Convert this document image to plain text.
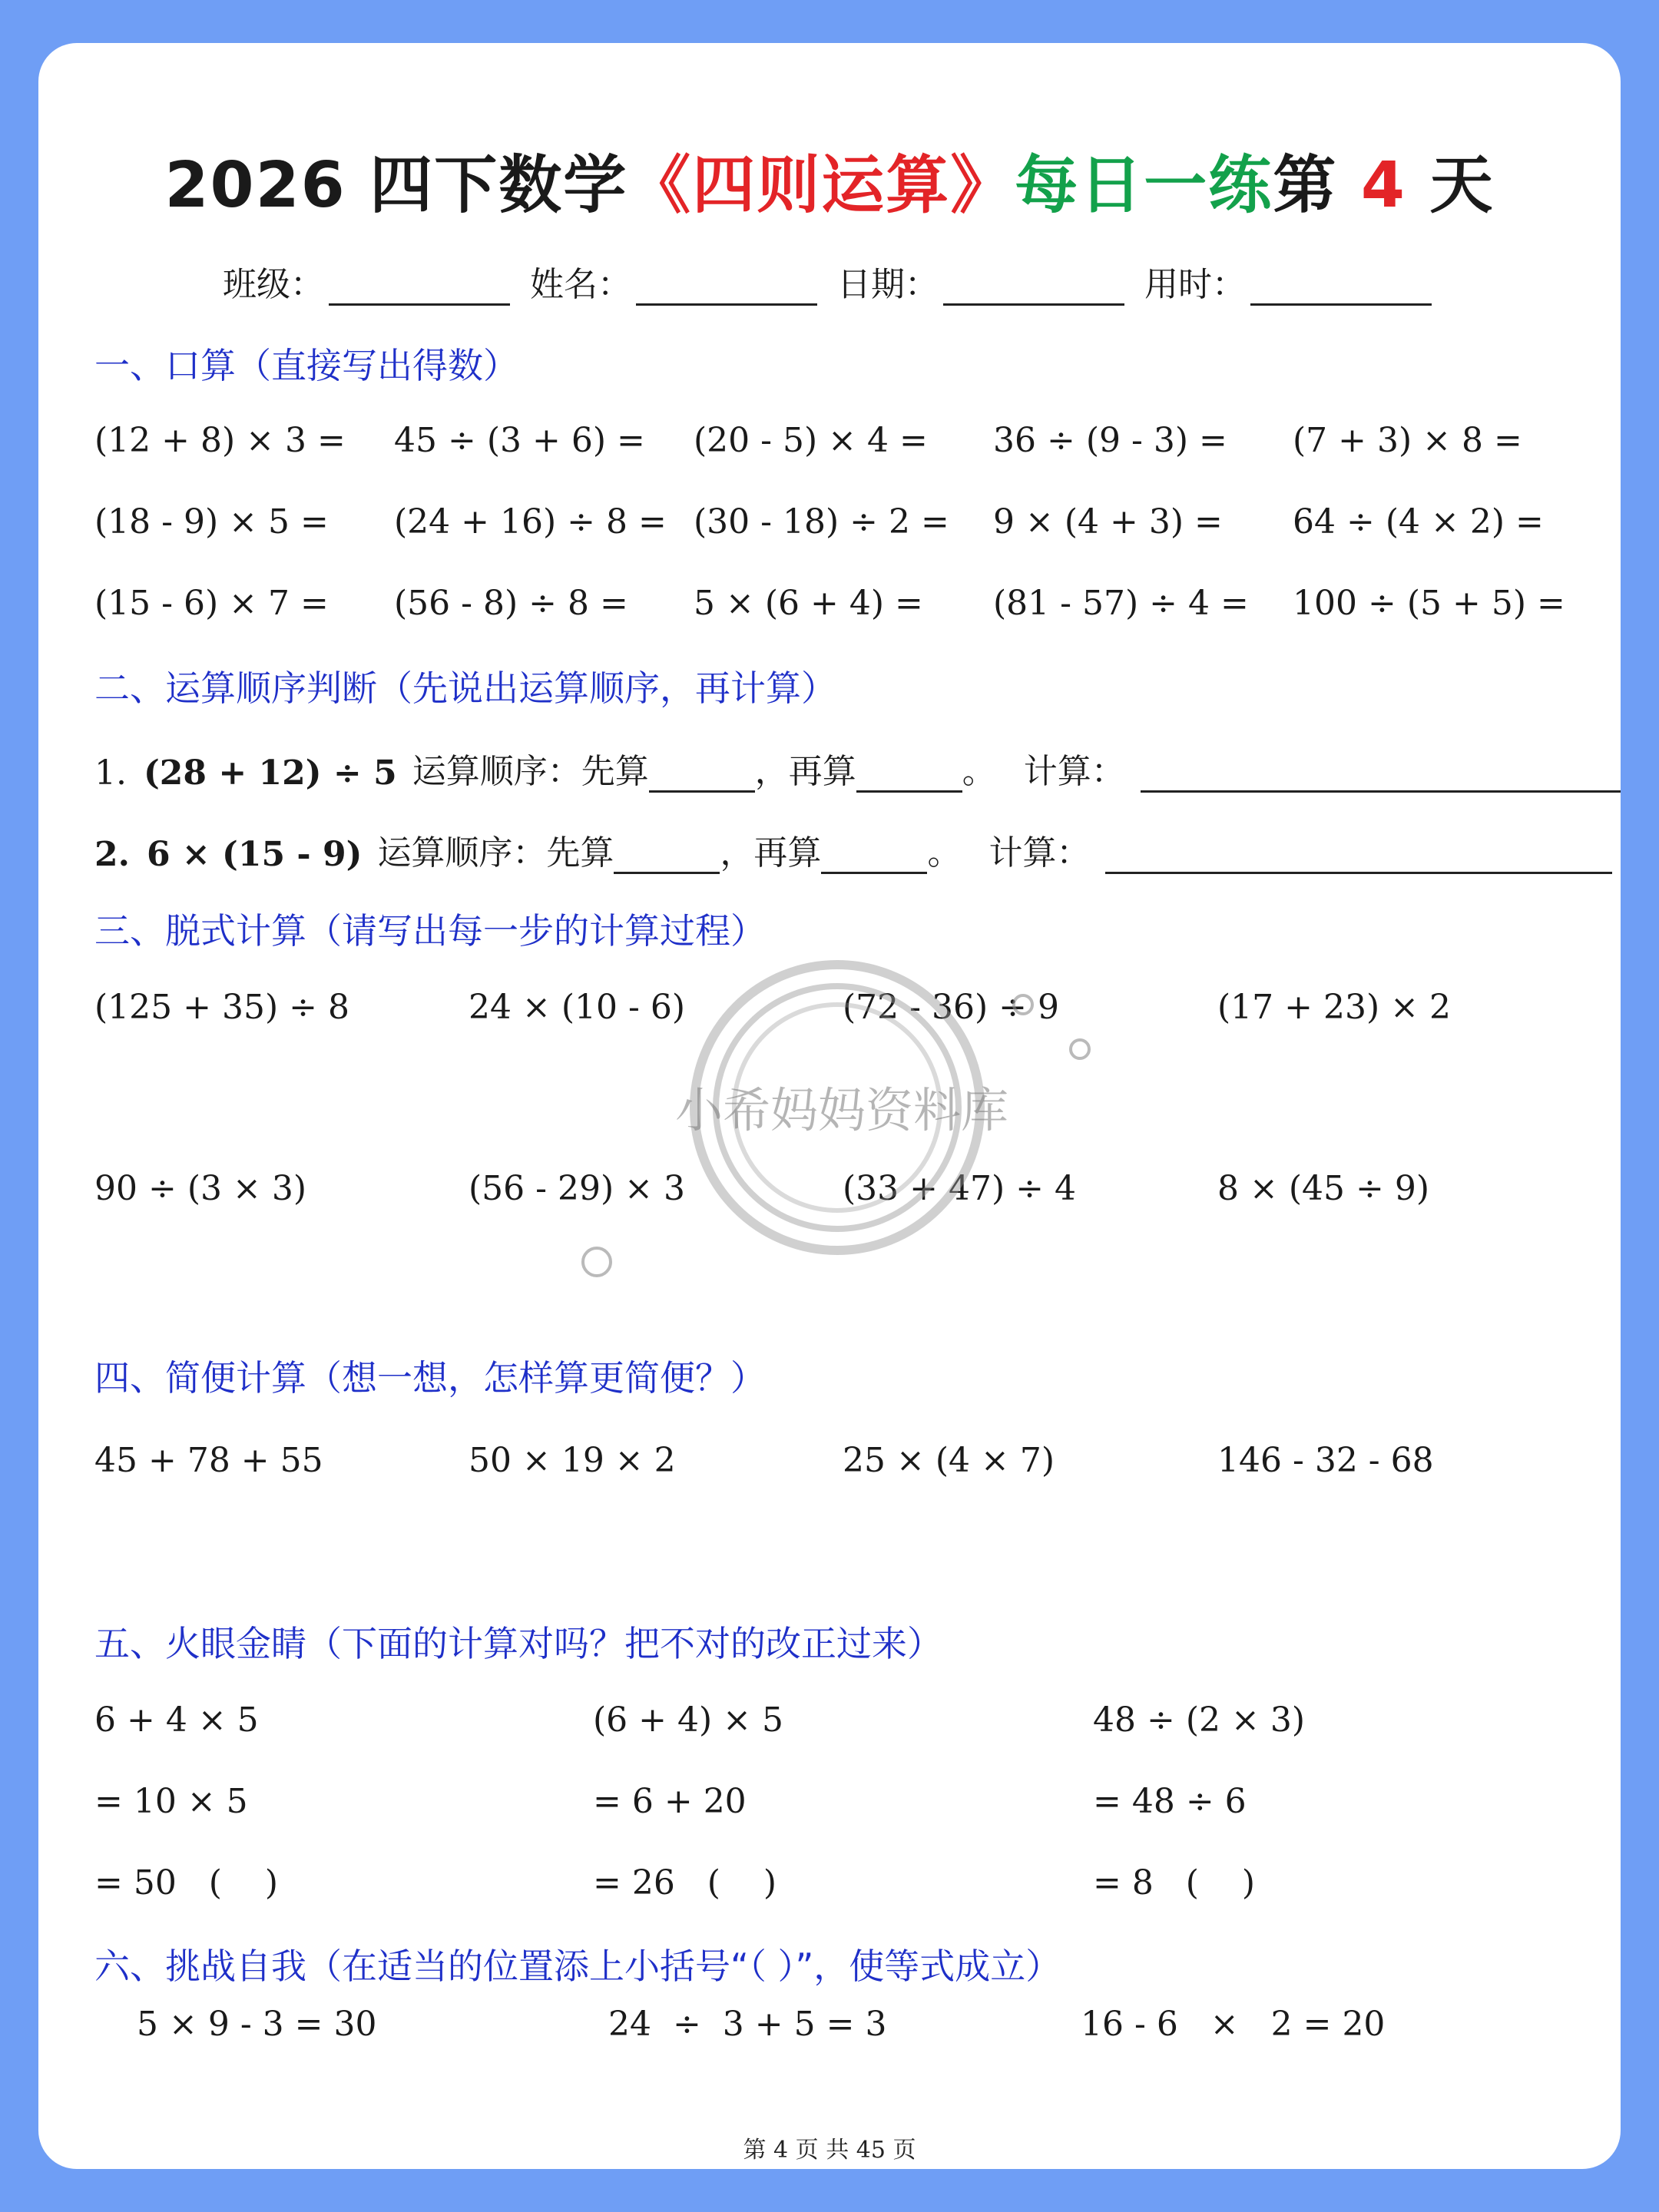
2026 四下数学《四则运算》每日一练第 4 天
班级：	姓名：	日期：	用时：
一、口算（直接写出得数）
(12 + 8) × 3 = 45 ÷ (3 + 6) = (20 - 5) × 4 = 36 ÷ (9 - 3) = (7 + 3) × 8 =
(18 - 9) × 5 = (24 + 16) ÷ 8 = (30 - 18) ÷ 2 = 9 × (4 + 3) = 64 ÷ (4 × 2) =
(15 - 6) × 7 = (56 - 8) ÷ 8 = 5 × (6 + 4) = (81 - 57) ÷ 4 = 100 ÷ (5 + 5) =
二、运算顺序判断（先说出运算顺序，再计算）
1. (28 + 12) ÷ 5 运算顺序：先算	，再算	。 计算：
2. 6 × (15 - 9) 运算顺序：先算	，再算	。 计算：
三、脱式计算（请写出每一步的计算过程）
(125 + 35) ÷ 8	24 × (10 - 6)	(72 - 36) ÷ 9	(17 + 23) × 2
90 ÷ (3 × 3)	(56 - 29) × 3	(33 + 47) ÷ 4	8 × (45 ÷ 9)
四、简便计算（想一想，怎样算更简便？）
45 + 78 + 55	50 × 19 × 2	25 × (4 × 7)	146 - 32 - 68
五、火眼金睛（下面的计算对吗？把不对的改正过来）
6 + 4 × 5
= 10 × 5
= 50   (    )
(6 + 4) × 5
= 6 + 20
= 26   (    )
48 ÷ (2 × 3)
= 48 ÷ 6
= 8   (    )
六、挑战自我（在适当的位置添上小括号“（ ）”，使等式成立）
5 × 9 - 3 = 30	24  ÷  3 + 5 = 3	16 - 6   ×   2 = 20
小希妈妈资料库
第 4 页 共 45 页
